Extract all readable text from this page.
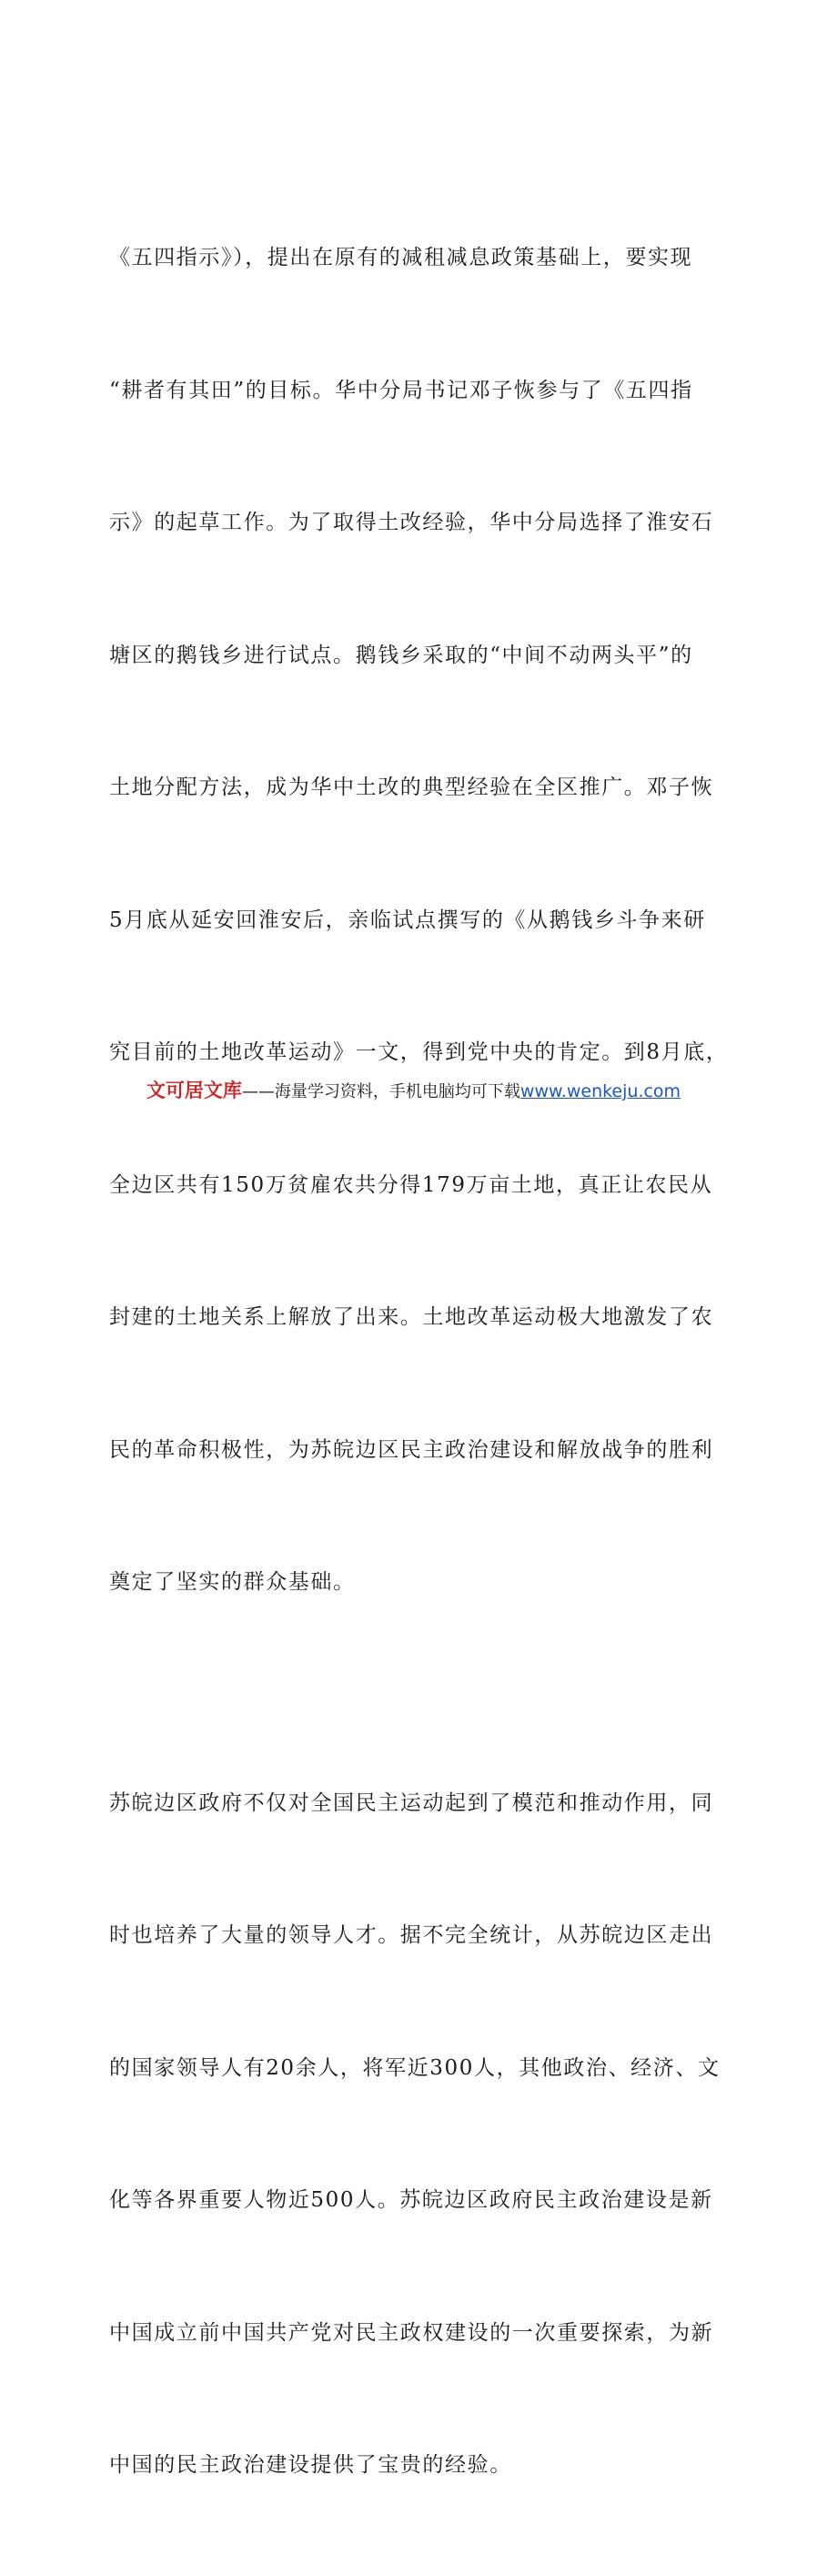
《五四指示》），提出在原有的减租减息政策基础上，要实现

“耕者有其田”的目标。华中分局书记邓子恢参与了《五四指

示》的起草工作。为了取得土改经验，华中分局选择了淮安石

塘区的鹅钱乡进行试点。鹅钱乡采取的“中间不动两头平”的

土地分配方法，成为华中土改的典型经验在全区推广。邓子恢

5月底从延安回淮安后，亲临试点撰写的《从鹅钱乡斗争来研

究目前的土地改革运动》一文，得到党中央的肯定。到8月底，

全边区共有150万贫雇农共分得179万亩土地，真正让农民从

封建的土地关系上解放了出来。土地改革运动极大地激发了农

民的革命积极性，为苏皖边区民主政治建设和解放战争的胜利

奠定了坚实的群众基础。

苏皖边区政府不仅对全国民主运动起到了模范和推动作用，同

时也培养了大量的领导人才。据不完全统计，从苏皖边区走出

的国家领导人有20余人，将军近300人，其他政治、经济、文

化等各界重要人物近500人。苏皖边区政府民主政治建设是新

中国成立前中国共产党对民主政权建设的一次重要探索，为新

中国的民主政治建设提供了宝贵的经验。

文可居文库——海量学习资料，手机电脑均可下载www.wenkeju.com
